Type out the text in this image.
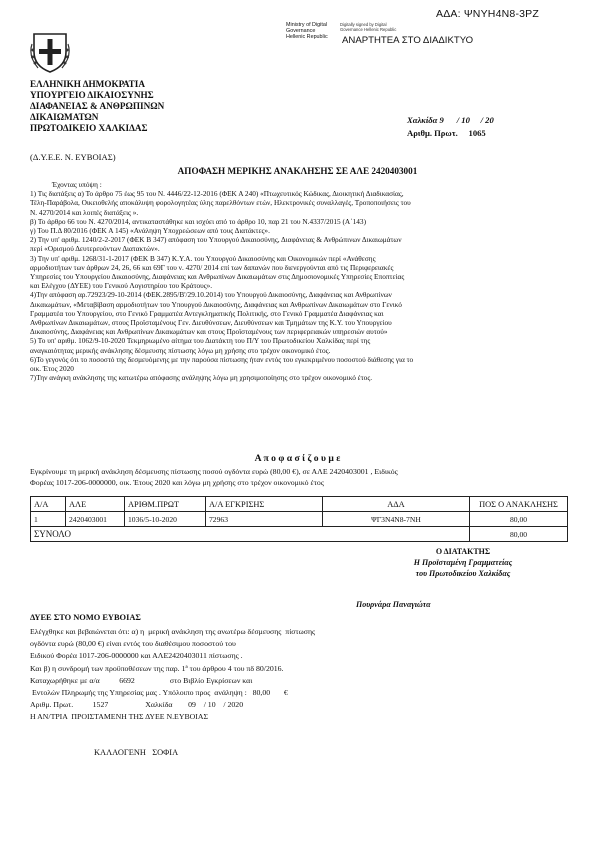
ΑΔΑ: ΨΝΥΗ4Ν8-3ΡΖ
Ministry of Digital
Governance
Hellenic Republic
Digitally signed by Digital Governance Hellenic Republic
ΑΝΑΡΤΗΤΕΑ ΣΤΟ ΔΙΑΔΙΚΤΥΟ
ΕΛΛΗΝΙΚΗ ΔΗΜΟΚΡΑΤΙΑ
ΥΠΟΥΡΓΕΙΟ ΔΙΚΑΙΟΣΥΝΗΣ
ΔΙΑΦΑΝΕΙΑΣ & ΑΝΘΡΩΠΙΝΩΝ
ΔΙΚΑΙΩΜΑΤΩΝ
ΠΡΩΤΟΔΙΚΕΙΟ ΧΑΛΚΙΔΑΣ
Χαλκίδα 9      / 10     / 20
Αριθμ. Πρωτ.     1065
(Δ.Υ.Ε.Ε. Ν. ΕΥΒΟΙΑΣ)
ΑΠΟΦΑΣΗ ΜΕΡΙΚΗΣ ΑΝΑΚΛΗΣΗΣ ΣΕ ΑΛΕ 2420403001
Έχοντας υπόψη :
1) Τις διατάξεις α) Το άρθρο 75 έως 95 του Ν. 4446/22-12-2016 (ΦΕΚ Α 240) «Πτωχευτικός Κώδικας, Διοικητική Διαδικασίας,
Τέλη-Παράβολα, Οικειοθελής αποκάλυψη φορολογητέας ύλης παρελθόντων ετών, Ηλεκτρονικές συναλλαγές, Τροποποιήσεις του
Ν. 4270/2014 και λοιπές διατάξεις ».
β) Το άρθρο 66 του Ν. 4270/2014, αντικαταστάθηκε και ισχύει από το άρθρο 10, παρ 21 του Ν.4337/2015 (Α΄143)
γ) Του Π.Δ 80/2016 (ΦΕΚ Α 145) «Ανάληψη Υποχρεώσεων από τους Διατάκτες».
2) Την υπ' αριθμ. 1240/2-2-2017 (ΦΕΚ Β 347) απόφαση του Υπουργού Δικαιοσύνης, Διαφάνειας & Ανθρώπινων Δικαιωμάτων
περί «Ορισμού Δευτερευόντων Διατακτών».
3) Την υπ' αριθμ. 1268/31-1-2017 (ΦΕΚ Β 347) Κ.Υ.Α. του Υπουργού Δικαιοσύνης και Οικονομικών περί «Ανάθεσης
αρμοδιοτήτων των άρθρων 24, 26, 66 και 69Γ του ν. 4270/ 2014 επί των δαπανών που διενεργούνται από τις Περιφερειακές
Υπηρεσίες του Υπουργείου Δικαιοσύνης, Διαφάνειας και Ανθρωπίνων Δικαιωμάτων στις Δημοσιονομικές Υπηρεσίες Εποπτείας
και Ελέγχου (ΔΥΕΕ) του Γενικού Λογιστηρίου του Κράτους».
4)Την απόφαση αρ.72923/29-10-2014 (ΦΕΚ.2895/Β'/29.10.2014) του Υπουργού Δικαιοσύνης, Διαφάνειας και Ανθρωπίνων
Δικαιωμάτων, «Μεταβίβαση αρμοδιοτήτων του Υπουργού Δικαιοσύνης, Διαφάνειας και Ανθρωπίνων Δικαιωμάτων στο Γενικό
Γραμματέα του Υπουργείου, στο Γενικό Γραμματέα Αντεγκληματικής Πολιτικής, στο Γενικό Γραμματέα Διαφάνειας και
Ανθρωπίνων Δικαιωμάτων, στους Προϊσταμένους Γεν. Διευθύνσεων, Διευθύνσεων και Τμημάτων της Κ.Υ. του Υπουργείου
Δικαιοσύνης, Διαφάνειας και Ανθρωπίνων Δικαιωμάτων και στους Προϊσταμένους των περιφερειακών υπηρεσιών αυτού»
5) Το υπ' αριθμ. 1062/9-10-2020 Τεκμηριωμένο αίτημα του Διατάκτη του Π/Υ του Πρωτοδικείου Χαλκίδας περί της
αναγκαιότητας μερικής ανάκλησης δέσμευσης πίστωσης λόγω μη χρήσης στο τρέχον οικονομικό έτος.
6)Το γεγονός ότι το ποσοστό της δεσμευόμενης με την παρούσα πίστωσης ήταν εντός του εγκεκριμένου ποσοστού διάθεσης για το
οικ. Έτος 2020
7)Την ανάγκη ανάκλησης της κατωτέρω απόφασης ανάληψης λόγω μη χρησιμοποίησης στο τρέχον οικονομικό έτος.
Α π ο φ α σ ί ζ ο υ μ ε
Εγκρίνουμε τη μερική ανάκληση δέσμευσης πίστωσης ποσού ογδόντα ευρώ (80,00 €), σε ΑΛΕ 2420403001 , Ειδικός
Φορέας 1017-206-0000000, οικ. Έτους 2020 και λόγω μη χρήσης στο τρέχον οικονομικό έτος
Α/Α	ΑΛΕ	ΑΡΙΘΜ.ΠΡΩΤ	Α/Α ΕΓΚΡΙΣΗΣ	ΑΔΑ	ΠΟΣ Ο ΑΝΑΚΛΗΣΗΣ
1	2420403001	1036/5-10-2020	72963	ΨΓ3Ν4Ν8-7ΝΗ	80,00
ΣΥΝΟΛΟ					80,00
Ο ΔΙΑΤΑΚΤΗΣ
Η Προϊσταμένη Γραμματείας
του Πρωτοδικείου Χαλκίδας
Πουρνάρα Παναγιώτα
ΔΥΕΕ ΣΤΟ ΝΟΜΟ ΕΥΒΟΙΑΣ
Ελέγχθηκε και βεβαιώνεται ότι: α) η  μερική ανάκληση της ανωτέρω δέσμευσης  πίστωσης
ογδόντα ευρώ (80,00 €) είναι εντός του διαθέσιμου ποσοστού του
Ειδικού Φορέα 1017-206-0000000 και ΑΛΕ2420403011 πίστωσης .
Και β) η συνδρομή των προϋποθέσεων της παρ. 1ª του άρθρου 4 του πδ 80/2016.
Καταχωρήθηκε με α/α          6692                  στο Βιβλίο Εγκρίσεων και
Εντολών Πληρωμής της Υπηρεσίας μας . Υπόλοιπο προς  ανάληψη :   80,00       €
Αριθμ. Πρωτ.          1527                   Χαλκίδα        09    / 10    / 2020
Η ΑΝ/ΤΡΙΑ  ΠΡΟΙΣΤΑΜΕΝΗ ΤΗΣ ΔΥΕΕ Ν.ΕΥΒΟΙΑΣ
ΚΑΛΑΟΓΕΝΗ   ΣΟΦΙΑ
